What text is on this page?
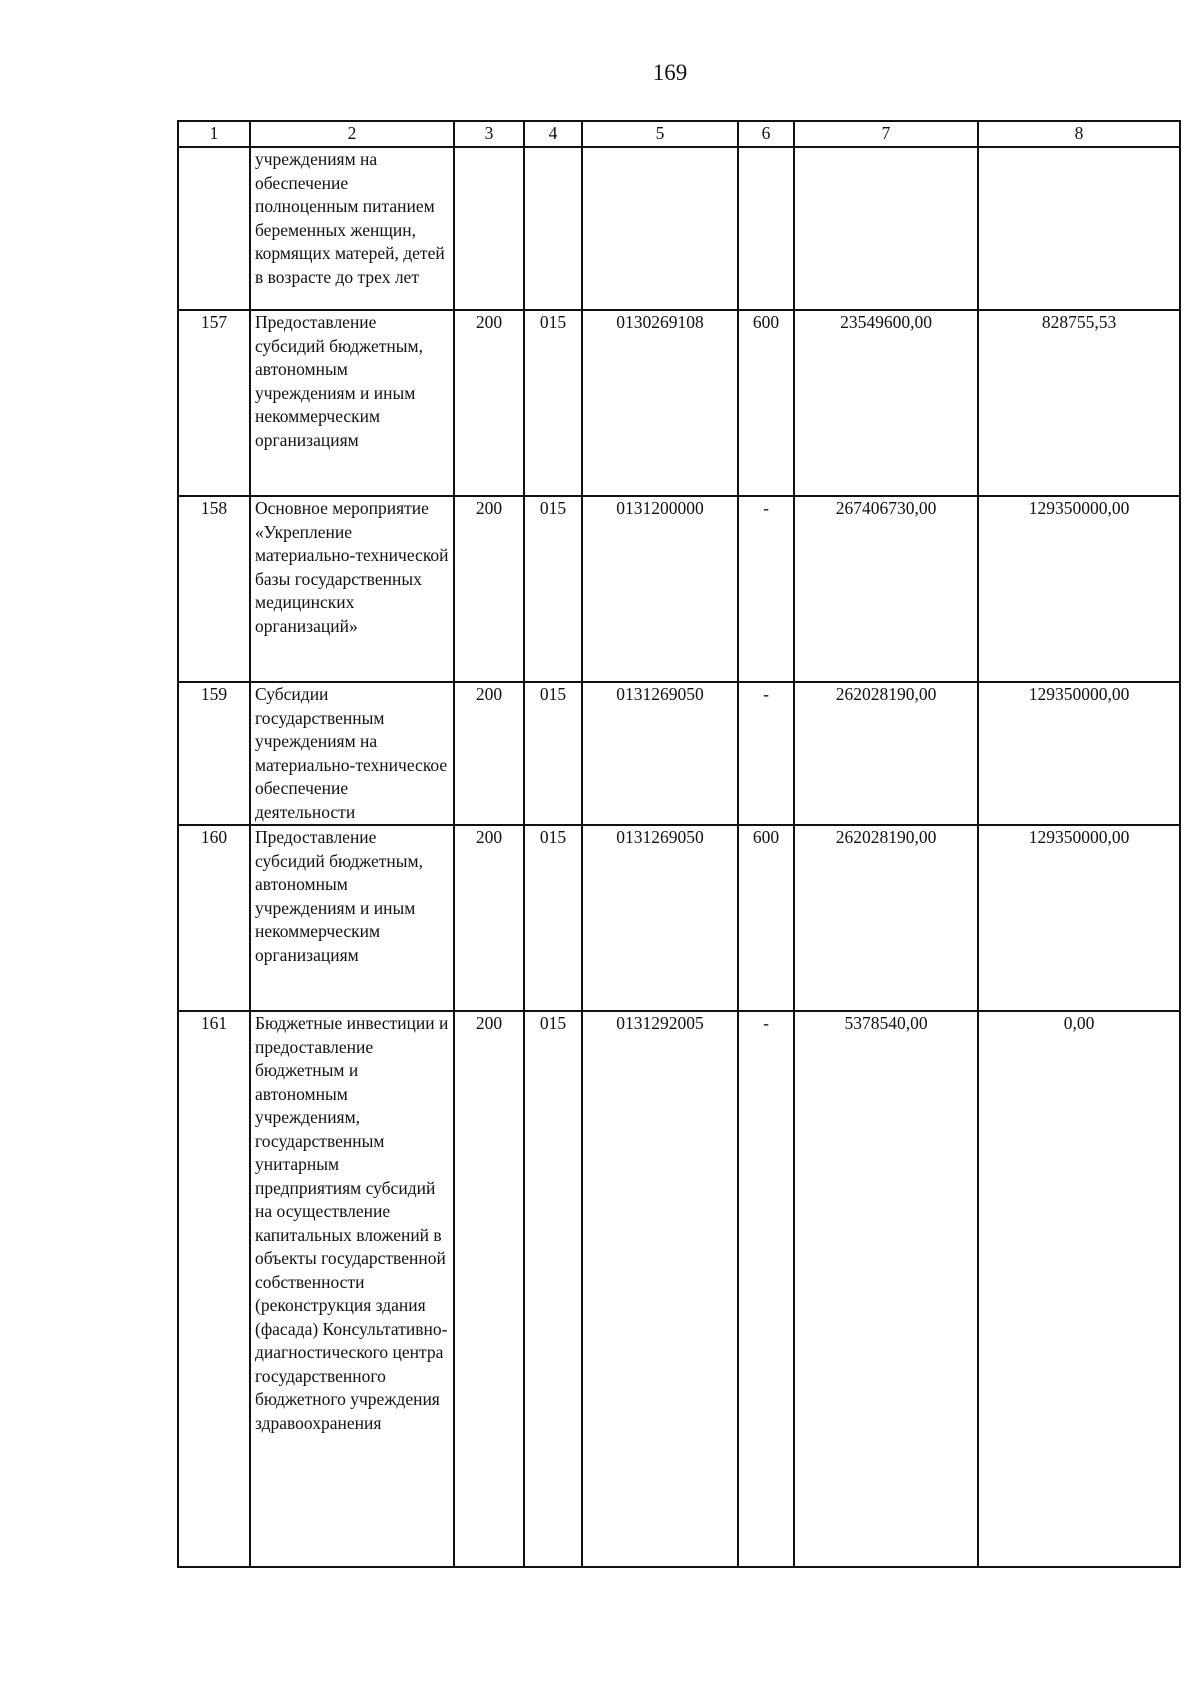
169
1	2	3	4	5	6	7	8
	учреждениям на обеспечение полноценным питанием беременных женщин, кормящих матерей, детей в возрасте до трех лет						
157	Предоставление субсидий бюджетным, автономным учреждениям и иным некоммерческим организациям	200	015	0130269108	600	23549600,00	828755,53
158	Основное мероприятие «Укрепление материально-технической базы государственных медицинских организаций»	200	015	0131200000	-	267406730,00	129350000,00
159	Субсидии государственным учреждениям на материально-техническое обеспечение деятельности	200	015	0131269050	-	262028190,00	129350000,00
160	Предоставление субсидий бюджетным, автономным учреждениям и иным некоммерческим организациям	200	015	0131269050	600	262028190,00	129350000,00
161	Бюджетные инвестиции и предоставление бюджетным и автономным учреждениям, государственным унитарным предприятиям субсидий на осуществление капитальных вложений в объекты государственной собственности (реконструкция здания (фасада) Консультативно-диагностического центра государственного бюджетного учреждения здравоохранения	200	015	0131292005	-	5378540,00	0,00
